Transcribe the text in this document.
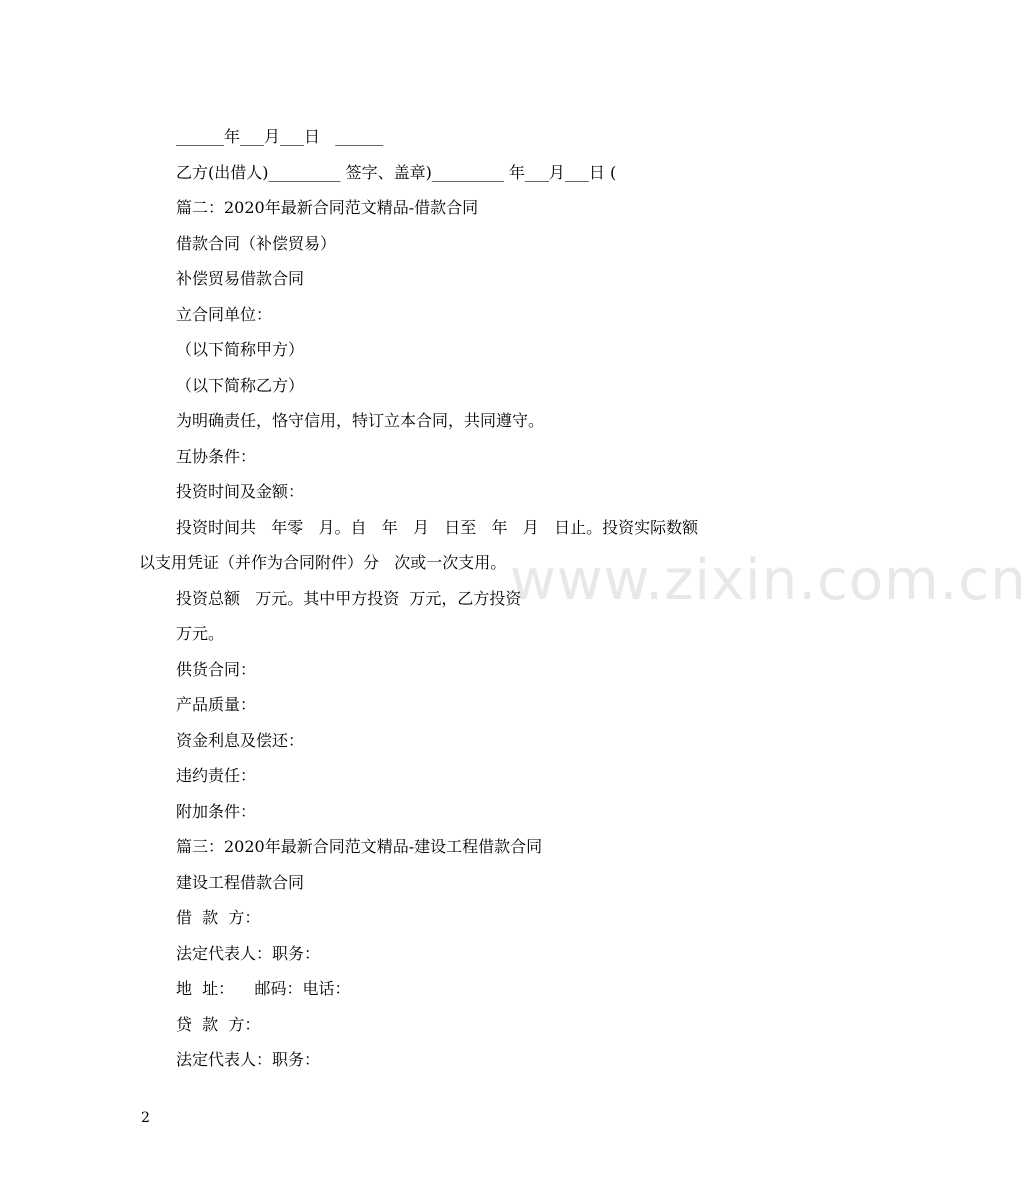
______年___月___日   ______
乙方(出借人)_________ 签字、盖章)_________ 年___月___日 (
篇二：2020年最新合同范文精品-借款合同
借款合同（补偿贸易）
补偿贸易借款合同
立合同单位：
（以下简称甲方）
（以下简称乙方）
为明确责任，恪守信用，特订立本合同，共同遵守。
互协条件：
投资时间及金额：
投资时间共   年零   月。自   年   月   日至   年   月   日止。投资实际数额
以支用凭证（并作为合同附件）分   次或一次支用。
投资总额   万元。其中甲方投资  万元，乙方投资
万元。
供货合同：
产品质量：
资金利息及偿还：
违约责任：
附加条件：
篇三：2020年最新合同范文精品-建设工程借款合同
建设工程借款合同
借  款  方：
法定代表人：职务：
地  址：    邮码：电话：
贷  款  方：
法定代表人：职务：
www.zixin.com.cn
2
